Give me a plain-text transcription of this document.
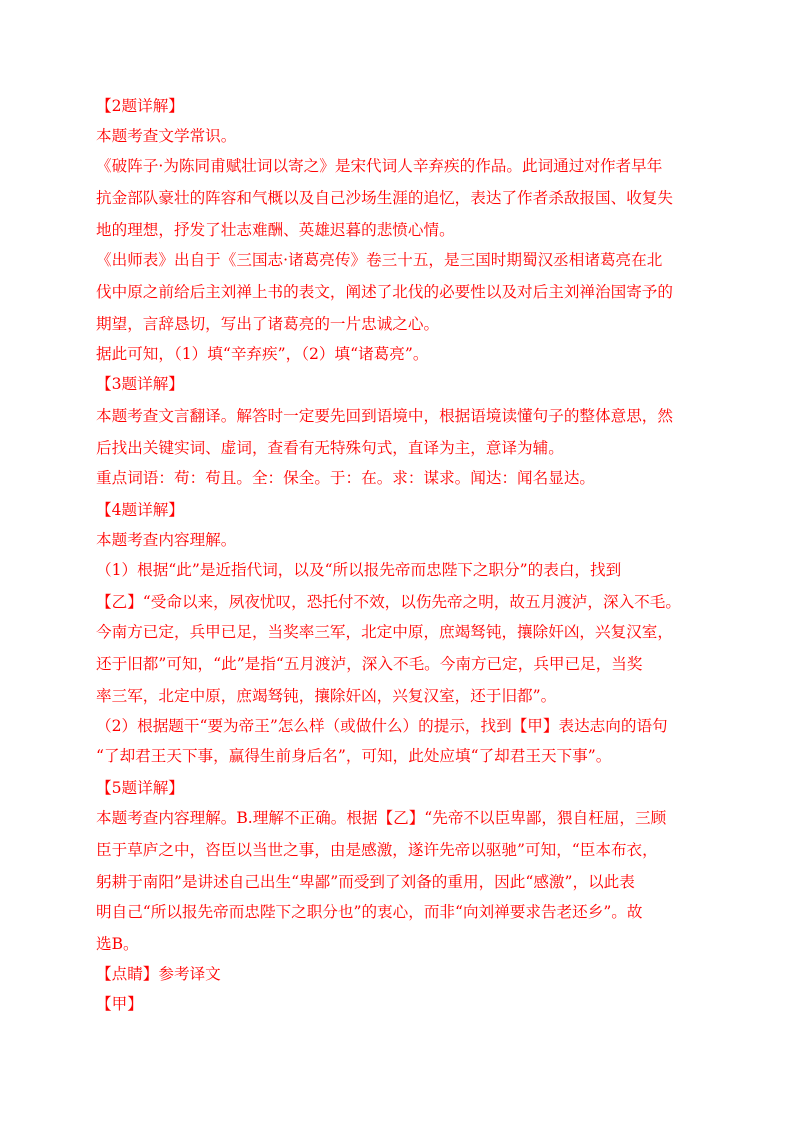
【2题详解】
本题考查文学常识。
《破阵子·为陈同甫赋壮词以寄之》是宋代词人辛弃疾的作品。此词通过对作者早年
抗金部队豪壮的阵容和气概以及自己沙场生涯的追忆，表达了作者杀敌报国、收复失
地的理想，抒发了壮志难酬、英雄迟暮的悲愤心情。
《出师表》出自于《三国志·诸葛亮传》卷三十五，是三国时期蜀汉丞相诸葛亮在北
伐中原之前给后主刘禅上书的表文，阐述了北伐的必要性以及对后主刘禅治国寄予的
期望，言辞恳切，写出了诸葛亮的一片忠诚之心。
据此可知，（1）填“辛弃疾”，（2）填“诸葛亮”。
【3题详解】
本题考查文言翻译。解答时一定要先回到语境中，根据语境读懂句子的整体意思，然
后找出关键实词、虚词，查看有无特殊句式，直译为主，意译为辅。
重点词语：苟：苟且。全：保全。于：在。求：谋求。闻达：闻名显达。
【4题详解】
本题考查内容理解。
（1）根据“此”是近指代词，以及“所以报先帝而忠陛下之职分”的表白，找到
【乙】“受命以来，夙夜忧叹，恐托付不效，以伤先帝之明，故五月渡泸，深入不毛。
今南方已定，兵甲已足，当奖率三军，北定中原，庶竭驽钝，攘除奸凶，兴复汉室，
还于旧都”可知，“此”是指“五月渡泸，深入不毛。今南方已定，兵甲已足，当奖
率三军，北定中原，庶竭驽钝，攘除奸凶，兴复汉室，还于旧都”。
（2）根据题干“要为帝王”怎么样（或做什么）的提示，找到【甲】表达志向的语句
“了却君王天下事，赢得生前身后名”，可知，此处应填“了却君王天下事”。
【5题详解】
本题考查内容理解。B.理解不正确。根据【乙】“先帝不以臣卑鄙，猥自枉屈，三顾
臣于草庐之中，咨臣以当世之事，由是感激，遂许先帝以驱驰”可知，“臣本布衣，
躬耕于南阳”是讲述自己出生“卑鄙”而受到了刘备的重用，因此“感激”，以此表
明自己“所以报先帝而忠陛下之职分也”的衷心，而非“向刘禅要求告老还乡”。故
选B。
【点睛】参考译文
【甲】
